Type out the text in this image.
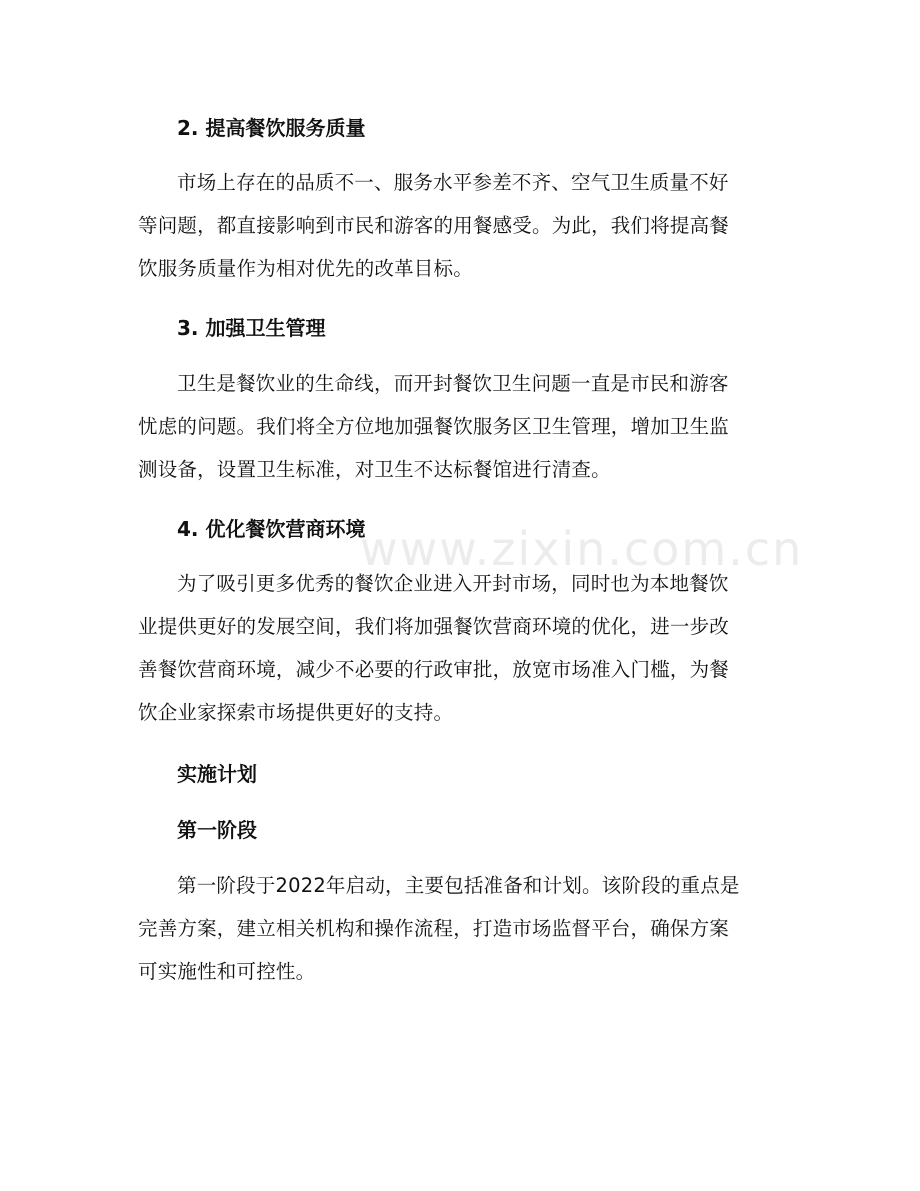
www.zixin.com.cn
2. 提高餐饮服务质量
市场上存在的品质不一、服务水平参差不齐、空气卫生质量不好
等问题，都直接影响到市民和游客的用餐感受。为此，我们将提高餐
饮服务质量作为相对优先的改革目标。
3. 加强卫生管理
卫生是餐饮业的生命线，而开封餐饮卫生问题一直是市民和游客
忧虑的问题。我们将全方位地加强餐饮服务区卫生管理，增加卫生监
测设备，设置卫生标准，对卫生不达标餐馆进行清查。
4. 优化餐饮营商环境
为了吸引更多优秀的餐饮企业进入开封市场，同时也为本地餐饮
业提供更好的发展空间，我们将加强餐饮营商环境的优化，进一步改
善餐饮营商环境，减少不必要的行政审批，放宽市场准入门槛，为餐
饮企业家探索市场提供更好的支持。
实施计划
第一阶段
第一阶段于2022年启动，主要包括准备和计划。该阶段的重点是
完善方案，建立相关机构和操作流程，打造市场监督平台，确保方案
可实施性和可控性。
